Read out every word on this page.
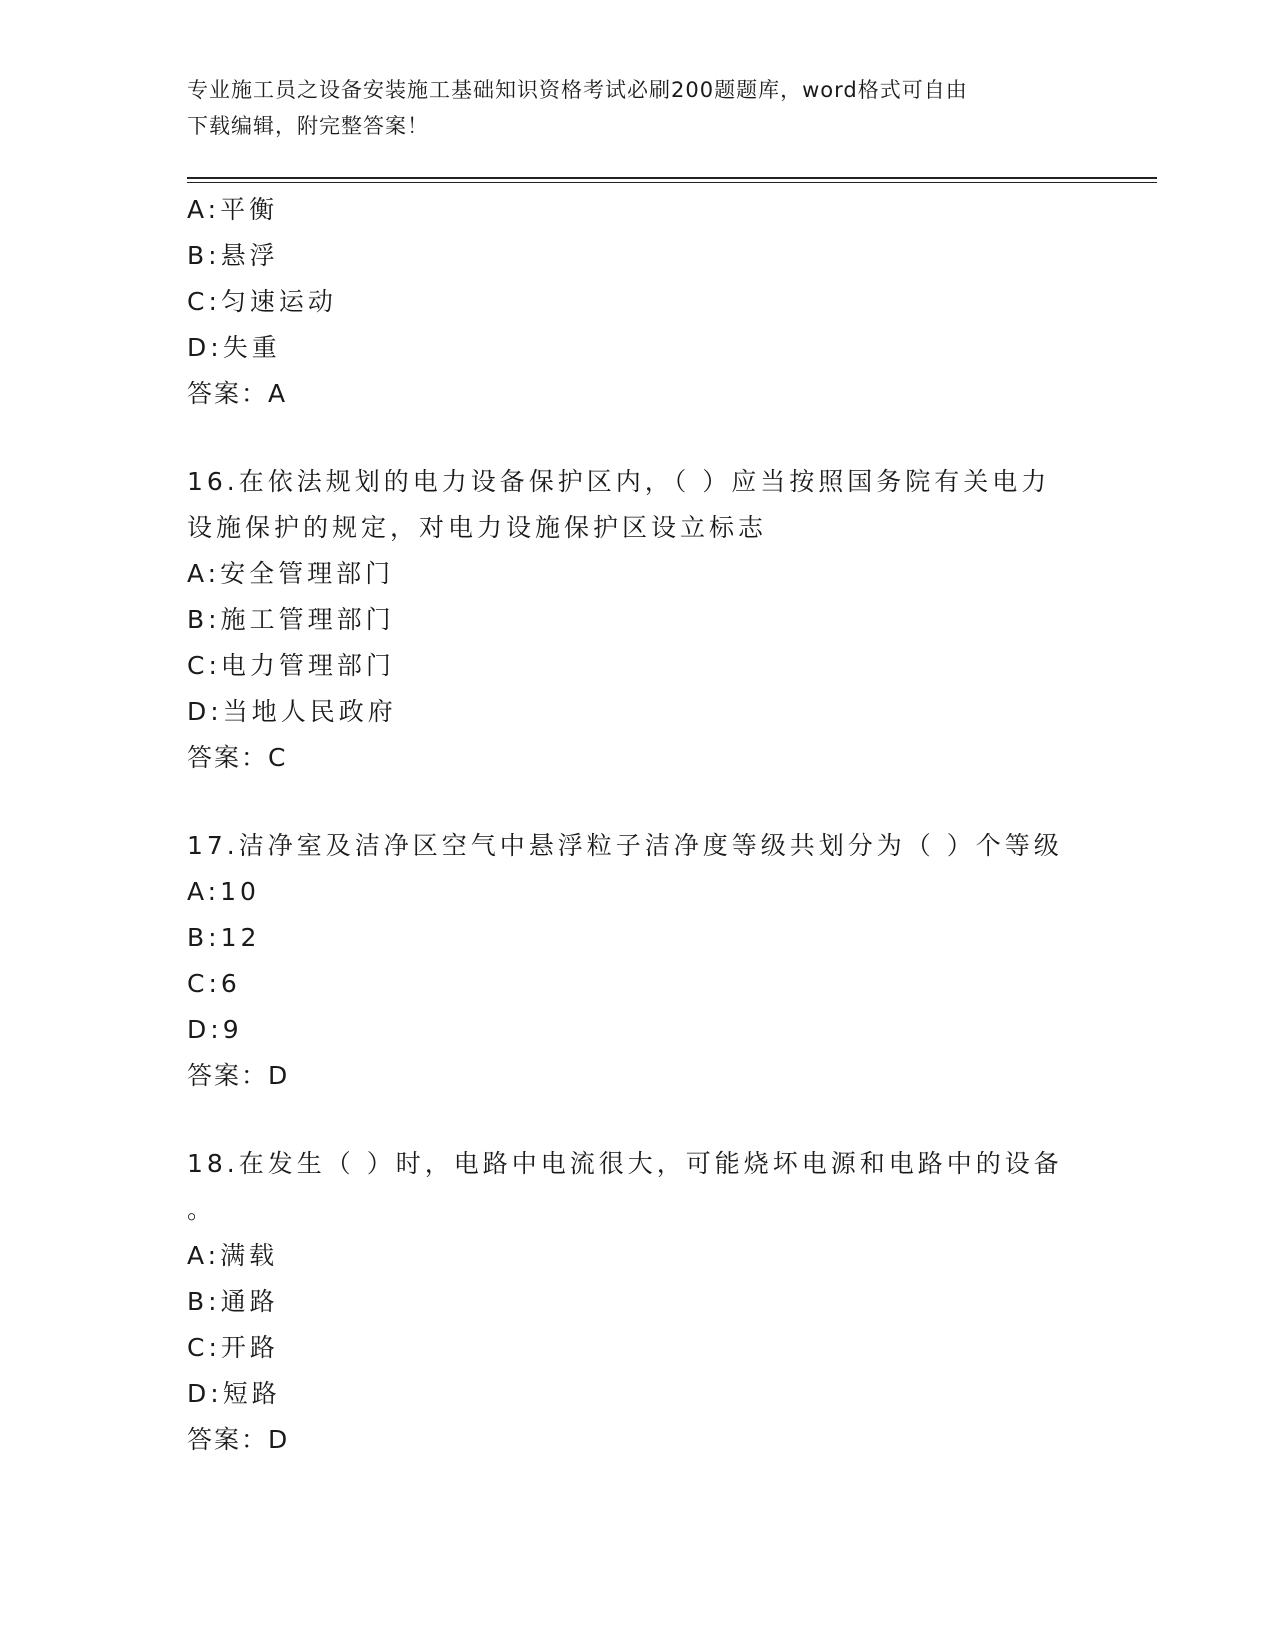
专业施工员之设备安装施工基础知识资格考试必刷200题题库，word格式可自由
下载编辑，附完整答案！
A:平衡
B:悬浮
C:匀速运动
D:失重
答案：A
16.在依法规划的电力设备保护区内，（ ）应当按照国务院有关电力
设施保护的规定，对电力设施保护区设立标志
A:安全管理部门
B:施工管理部门
C:电力管理部门
D:当地人民政府
答案：C
17.洁净室及洁净区空气中悬浮粒子洁净度等级共划分为（ ）个等级
A:10
B:12
C:6
D:9
答案：D
18.在发生（ ）时，电路中电流很大，可能烧坏电源和电路中的设备
。
A:满载
B:通路
C:开路
D:短路
答案：D
